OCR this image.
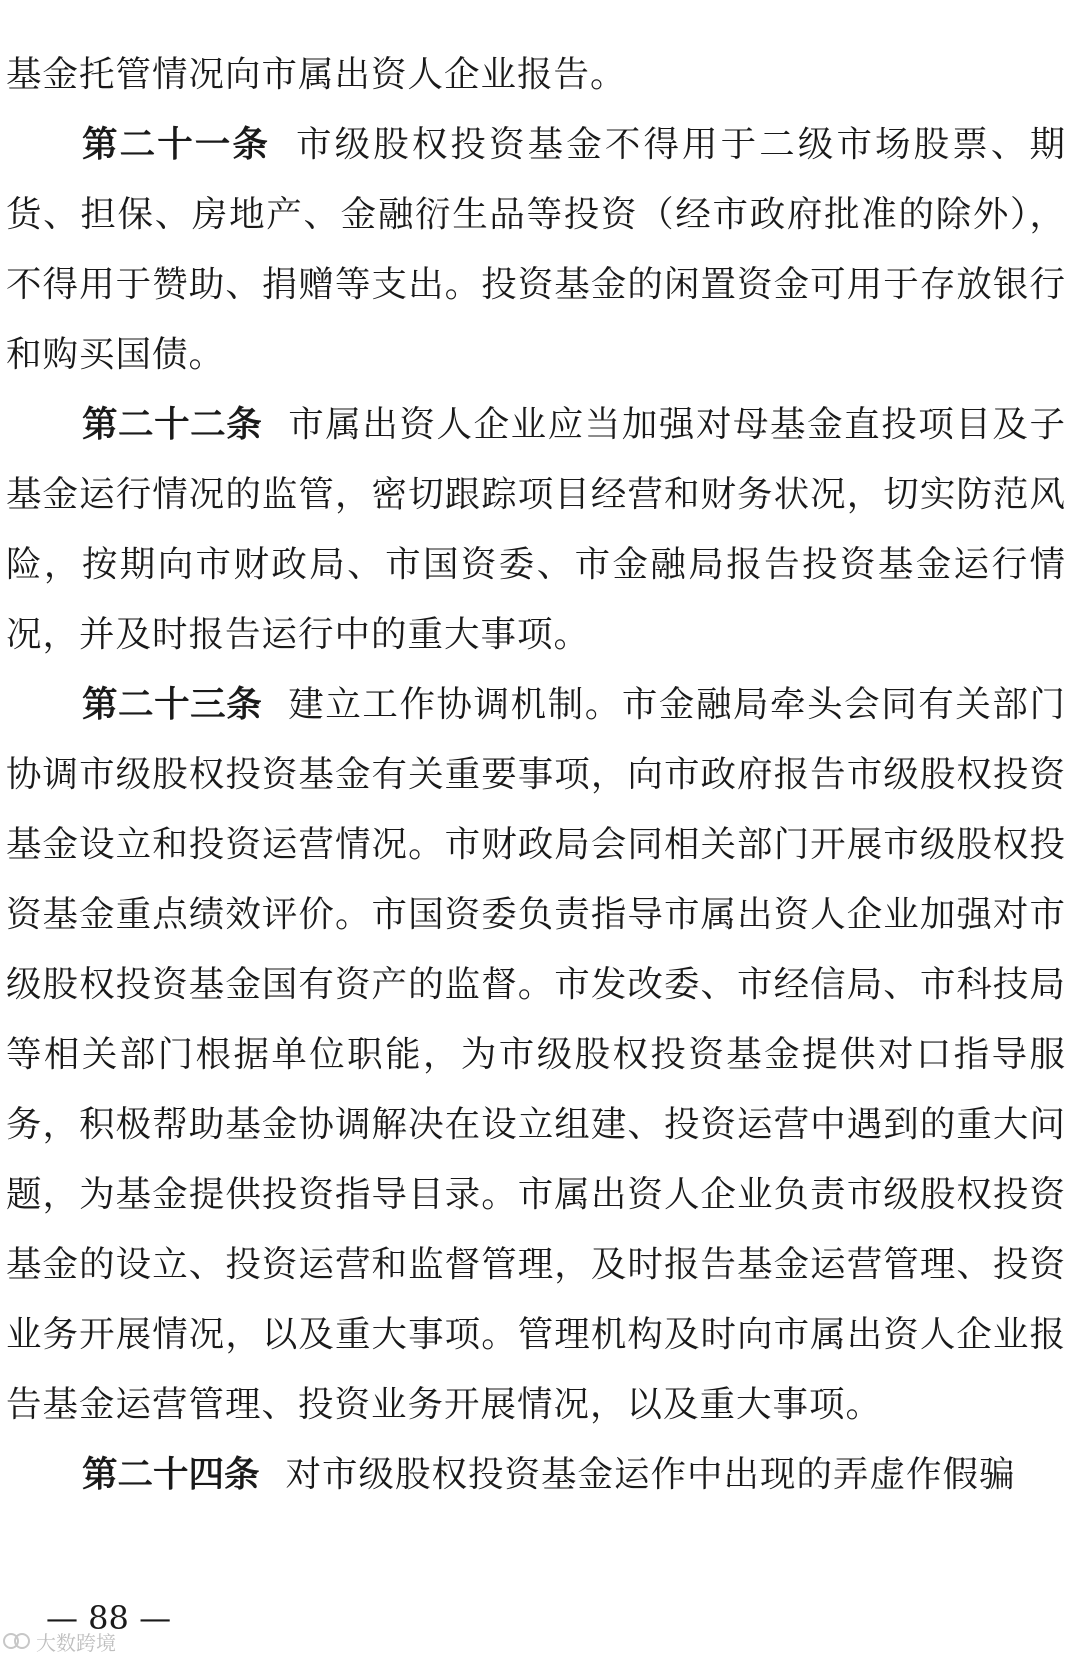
基金托管情况向市属出资人企业报告。

第二十一条 市级股权投资基金不得用于二级市场股票、期货、担保、房地产、金融衍生品等投资（经市政府批准的除外），不得用于赞助、捐赠等支出。投资基金的闲置资金可用于存放银行和购买国债。

第二十二条 市属出资人企业应当加强对母基金直投项目及子基金运行情况的监管，密切跟踪项目经营和财务状况，切实防范风险，按期向市财政局、市国资委、市金融局报告投资基金运行情况，并及时报告运行中的重大事项。

第二十三条 建立工作协调机制。市金融局牵头会同有关部门协调市级股权投资基金有关重要事项，向市政府报告市级股权投资基金设立和投资运营情况。市财政局会同相关部门开展市级股权投资基金重点绩效评价。市国资委负责指导市属出资人企业加强对市级股权投资基金国有资产的监督。市发改委、市经信局、市科技局等相关部门根据单位职能，为市级股权投资基金提供对口指导服务，积极帮助基金协调解决在设立组建、投资运营中遇到的重大问题，为基金提供投资指导目录。市属出资人企业负责市级股权投资基金的设立、投资运营和监督管理，及时报告基金运营管理、投资业务开展情况，以及重大事项。管理机构及时向市属出资人企业报告基金运营管理、投资业务开展情况，以及重大事项。

第二十四条 对市级股权投资基金运作中出现的弄虚作假骗

— 88 —
大数跨境
